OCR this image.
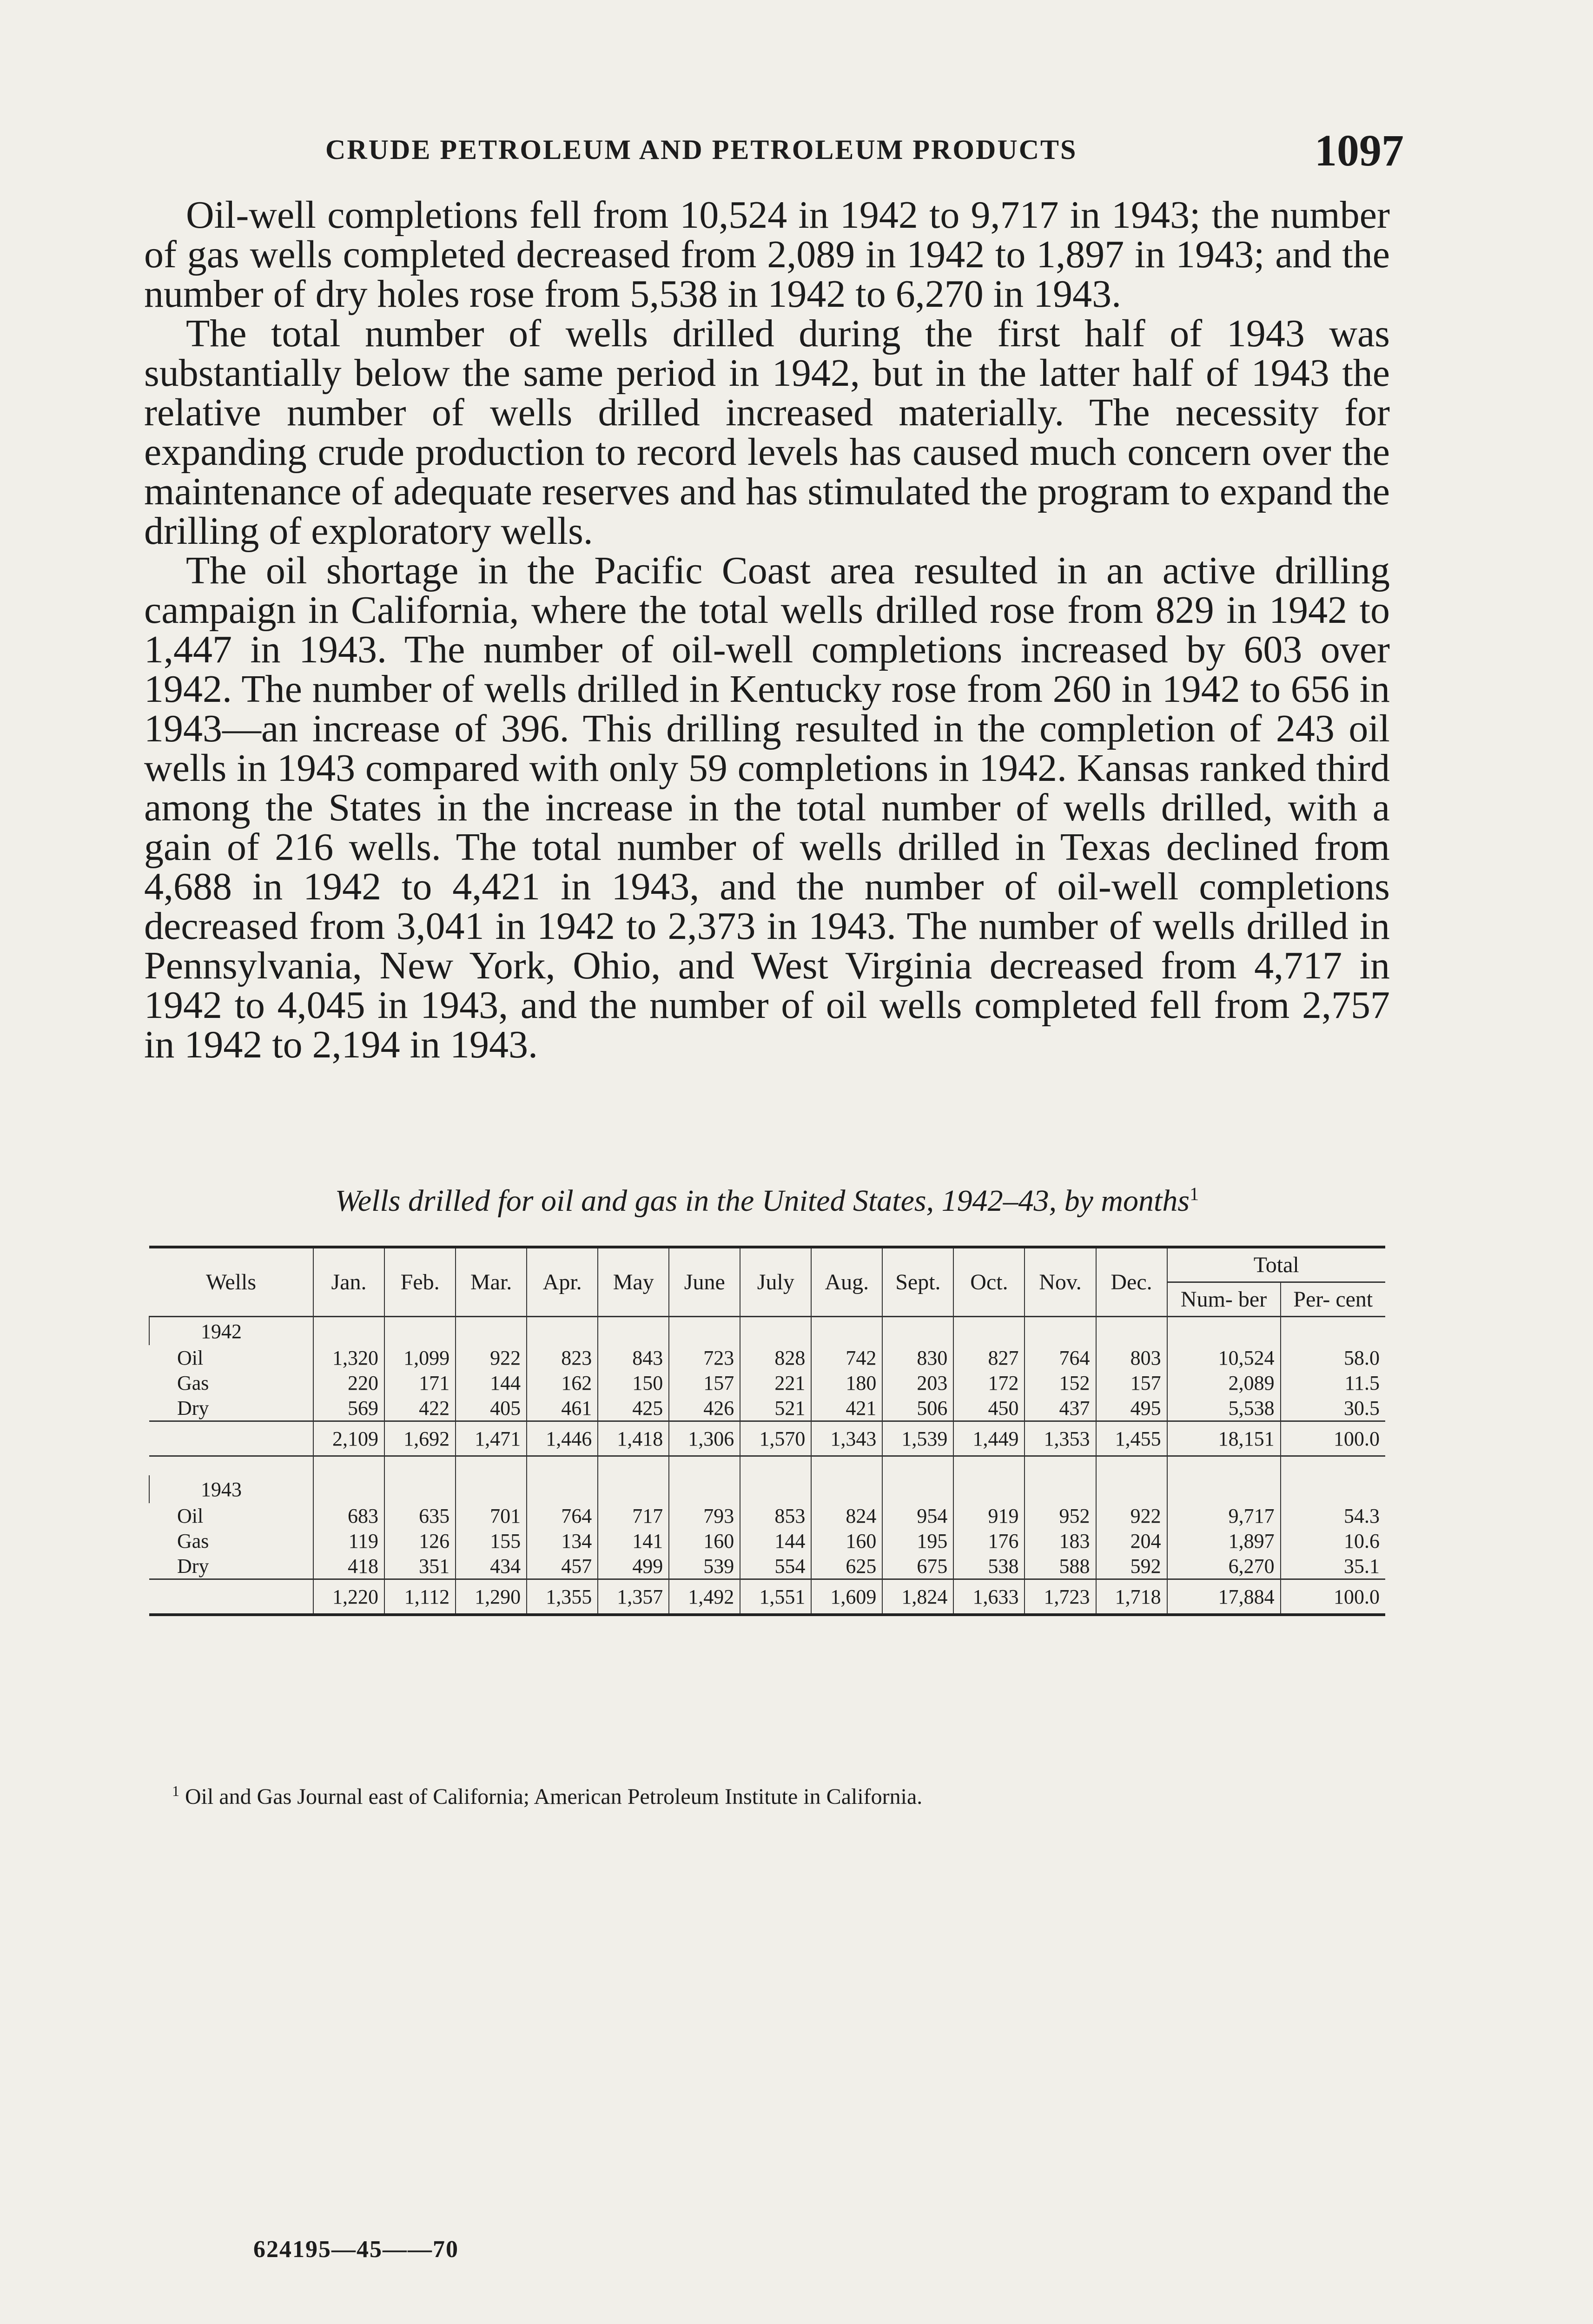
CRUDE PETROLEUM AND PETROLEUM PRODUCTS	1097

Oil-well completions fell from 10,524 in 1942 to 9,717 in 1943; the number of gas wells completed decreased from 2,089 in 1942 to 1,897 in 1943; and the number of dry holes rose from 5,538 in 1942 to 6,270 in 1943.

The total number of wells drilled during the first half of 1943 was substantially below the same period in 1942, but in the latter half of 1943 the relative number of wells drilled increased materially. The necessity for expanding crude production to record levels has caused much concern over the maintenance of adequate reserves and has stimulated the program to expand the drilling of exploratory wells.

The oil shortage in the Pacific Coast area resulted in an active drilling campaign in California, where the total wells drilled rose from 829 in 1942 to 1,447 in 1943. The number of oil-well completions increased by 603 over 1942. The number of wells drilled in Kentucky rose from 260 in 1942 to 656 in 1943—an increase of 396. This drilling resulted in the completion of 243 oil wells in 1943 compared with only 59 completions in 1942. Kansas ranked third among the States in the increase in the total number of wells drilled, with a gain of 216 wells. The total number of wells drilled in Texas declined from 4,688 in 1942 to 4,421 in 1943, and the number of oil-well completions decreased from 3,041 in 1942 to 2,373 in 1943. The number of wells drilled in Pennsylvania, New York, Ohio, and West Virginia decreased from 4,717 in 1942 to 4,045 in 1943, and the number of oil wells completed fell from 2,757 in 1942 to 2,194 in 1943.

Wells drilled for oil and gas in the United States, 1942–43, by months$^1$
Wells	Jan.	Feb.	Mar.	Apr.	May	June	July	Aug.	Sept.	Oct.	Nov.	Dec.	Total	
													Num- ber	Per- cent
1942														
Oil	1,320	1,099	922	823	843	723	828	742	830	827	764	803	10,524	58.0
Gas	220	171	144	162	150	157	221	180	203	172	152	157	2,089	11.5
Dry	569	422	405	461	425	426	521	421	506	450	437	495	5,538	30.5
	2,109	1,692	1,471	1,446	1,418	1,306	1,570	1,343	1,539	1,449	1,353	1,455	18,151	100.0

1943														
Oil	683	635	701	764	717	793	853	824	954	919	952	922	9,717	54.3
Gas	119	126	155	134	141	160	144	160	195	176	183	204	1,897	10.6
Dry	418	351	434	457	499	539	554	625	675	538	588	592	6,270	35.1
	1,220	1,112	1,290	1,355	1,357	1,492	1,551	1,609	1,824	1,633	1,723	1,718	17,884	100.0
$^1$ Oil and Gas Journal east of California; American Petroleum Institute in California.
624195—45——70
